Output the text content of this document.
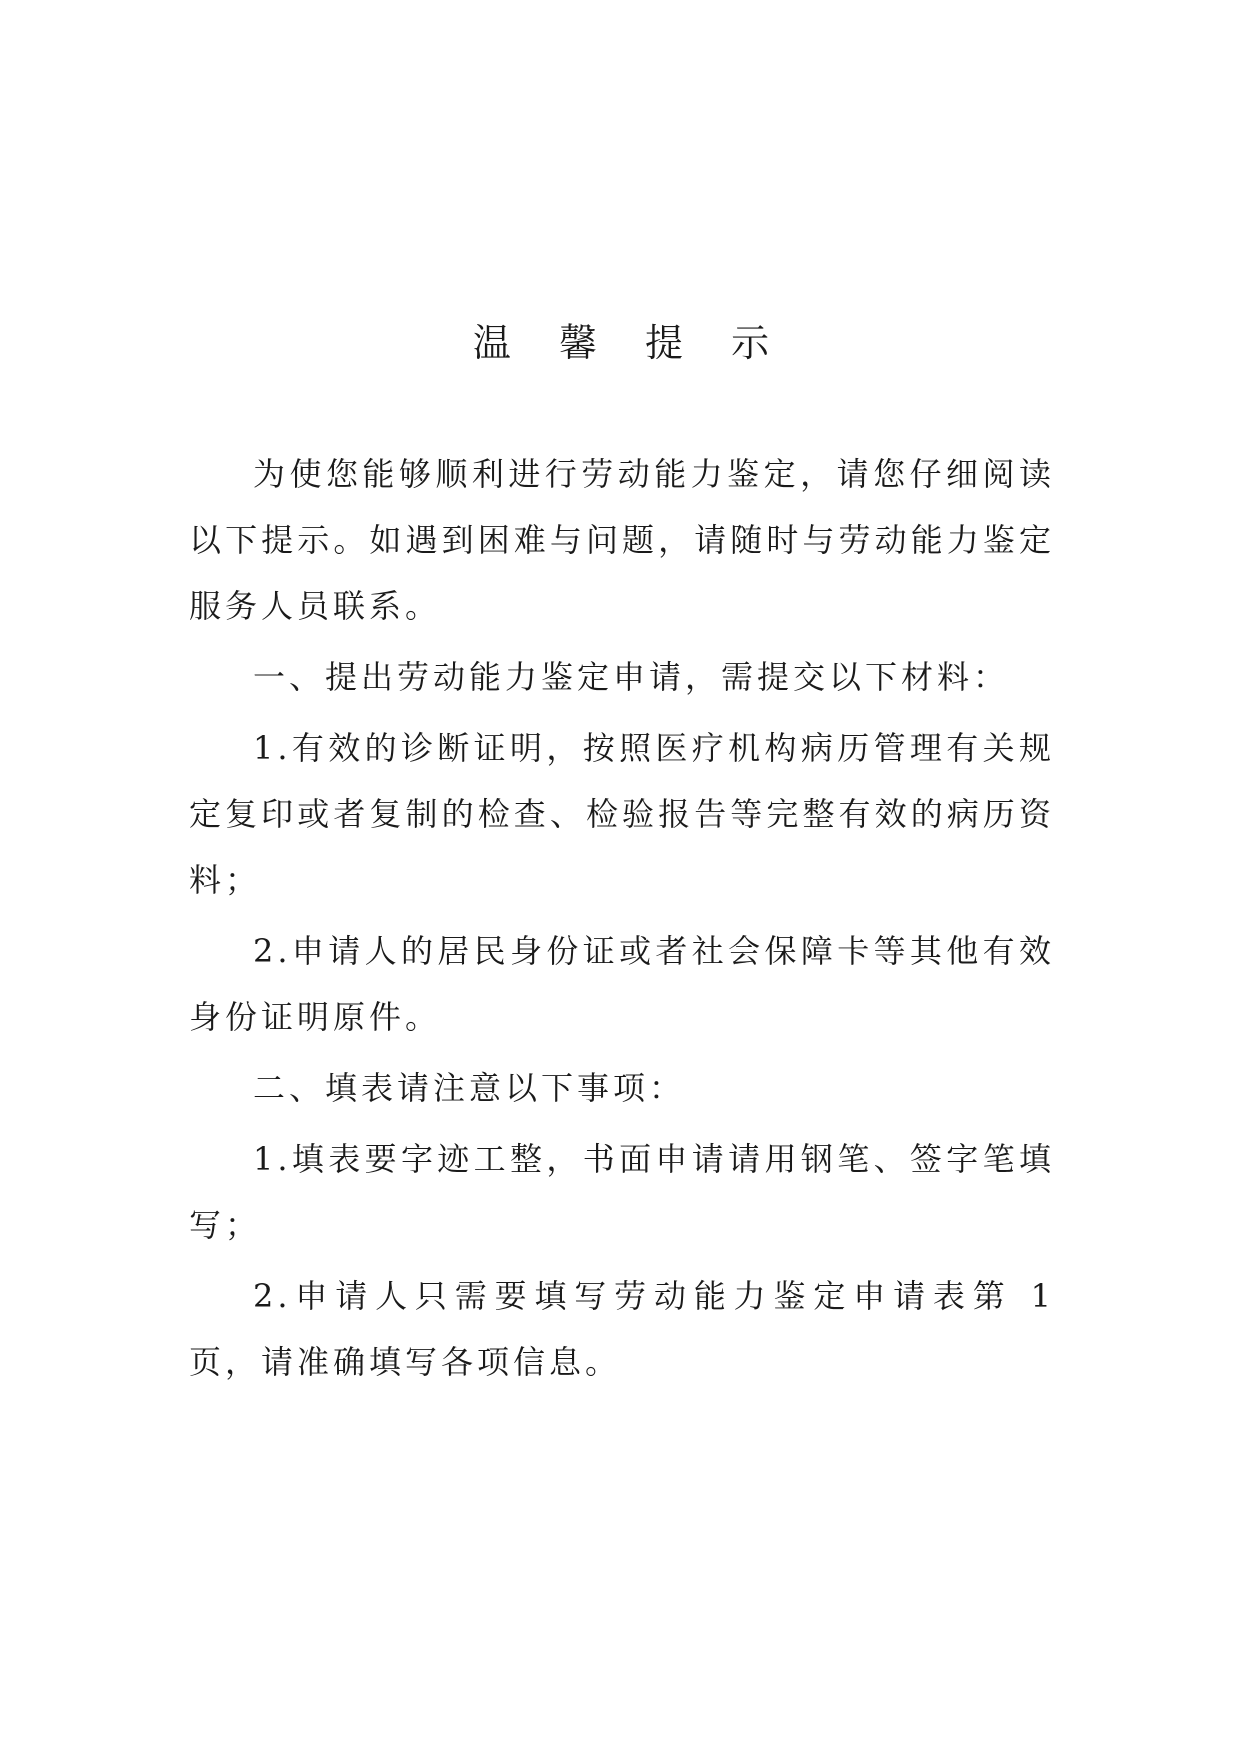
温 馨 提 示

为使您能够顺利进行劳动能力鉴定，请您仔细阅读以下提示。如遇到困难与问题，请随时与劳动能力鉴定服务人员联系。

一、提出劳动能力鉴定申请，需提交以下材料：

1.有效的诊断证明，按照医疗机构病历管理有关规定复印或者复制的检查、检验报告等完整有效的病历资料；

2.申请人的居民身份证或者社会保障卡等其他有效身份证明原件。

二、填表请注意以下事项：

1.填表要字迹工整，书面申请请用钢笔、签字笔填写；

2.申请人只需要填写劳动能力鉴定申请表第 1 页，请准确填写各项信息。
